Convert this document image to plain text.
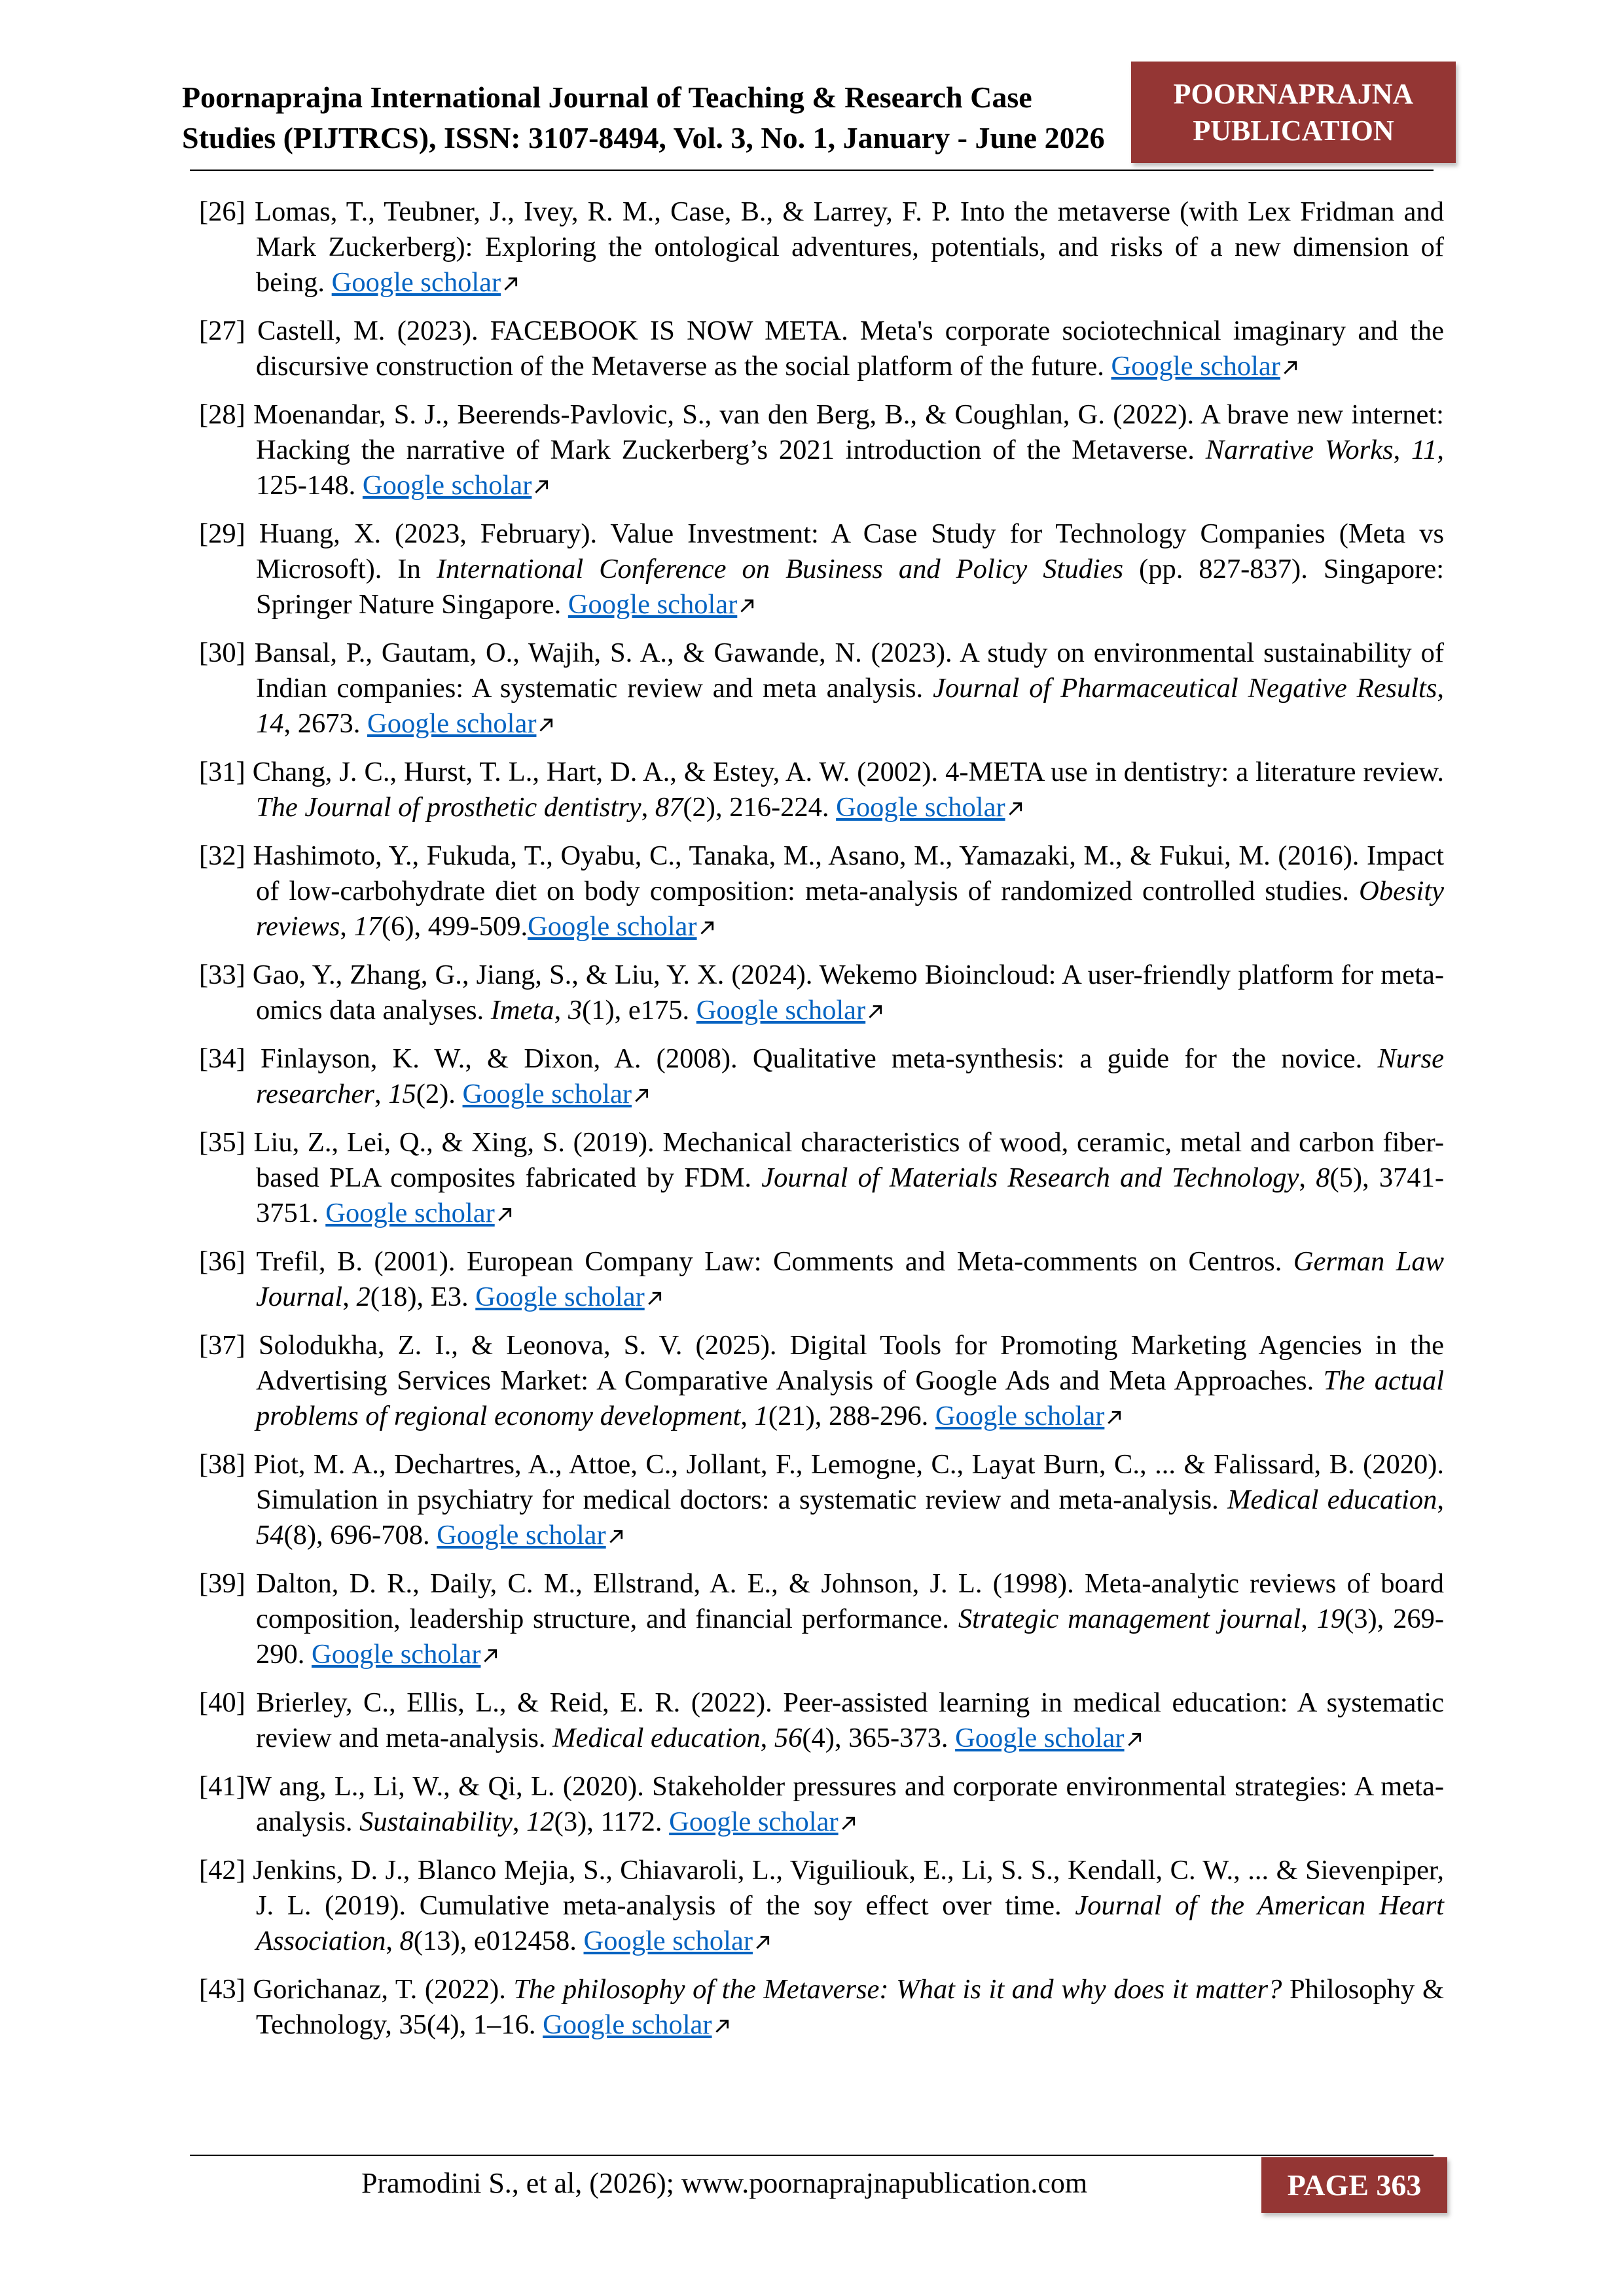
Poornaprajna International Journal of Teaching & Research Case
Studies (PIJTRCS), ISSN: 3107-8494, Vol. 3, No. 1, January - June 2026
POORNAPRAJNA
PUBLICATION

[26] Lomas, T., Teubner, J., Ivey, R. M., Case, B., & Larrey, F. P. Into the metaverse (with Lex Fridman and Mark Zuckerberg): Exploring the ontological adventures, potentials, and risks of a new dimension of being. Google scholar

[27] Castell, M. (2023). FACEBOOK IS NOW META. Meta's corporate sociotechnical imaginary and the discursive construction of the Metaverse as the social platform of the future. Google scholar

[28] Moenandar, S. J., Beerends-Pavlovic, S., van den Berg, B., & Coughlan, G. (2022). A brave new internet: Hacking the narrative of Mark Zuckerberg’s 2021 introduction of the Metaverse. Narrative Works, 11, 125-148. Google scholar

[29] Huang, X. (2023, February). Value Investment: A Case Study for Technology Companies (Meta vs Microsoft). In International Conference on Business and Policy Studies (pp. 827-837). Singapore: Springer Nature Singapore. Google scholar

[30] Bansal, P., Gautam, O., Wajih, S. A., & Gawande, N. (2023). A study on environmental sustainability of Indian companies: A systematic review and meta analysis. Journal of Pharmaceutical Negative Results, 14, 2673. Google scholar

[31] Chang, J. C., Hurst, T. L., Hart, D. A., & Estey, A. W. (2002). 4-META use in dentistry: a literature review. The Journal of prosthetic dentistry, 87(2), 216-224. Google scholar

[32] Hashimoto, Y., Fukuda, T., Oyabu, C., Tanaka, M., Asano, M., Yamazaki, M., & Fukui, M. (2016). Impact of low-carbohydrate diet on body composition: meta-analysis of randomized controlled studies. Obesity reviews, 17(6), 499-509.Google scholar

[33] Gao, Y., Zhang, G., Jiang, S., & Liu, Y. X. (2024). Wekemo Bioincloud: A user-friendly platform for meta-omics data analyses. Imeta, 3(1), e175. Google scholar

[34] Finlayson, K. W., & Dixon, A. (2008). Qualitative meta-synthesis: a guide for the novice. Nurse researcher, 15(2). Google scholar

[35] Liu, Z., Lei, Q., & Xing, S. (2019). Mechanical characteristics of wood, ceramic, metal and carbon fiber-based PLA composites fabricated by FDM. Journal of Materials Research and Technology, 8(5), 3741-3751. Google scholar

[36] Trefil, B. (2001). European Company Law: Comments and Meta-comments on Centros. German Law Journal, 2(18), E3. Google scholar

[37] Solodukha, Z. I., & Leonova, S. V. (2025). Digital Tools for Promoting Marketing Agencies in the Advertising Services Market: A Comparative Analysis of Google Ads and Meta Approaches. The actual problems of regional economy development, 1(21), 288-296. Google scholar

[38] Piot, M. A., Dechartres, A., Attoe, C., Jollant, F., Lemogne, C., Layat Burn, C., ... & Falissard, B. (2020). Simulation in psychiatry for medical doctors: a systematic review and meta-analysis. Medical education, 54(8), 696-708. Google scholar

[39] Dalton, D. R., Daily, C. M., Ellstrand, A. E., & Johnson, J. L. (1998). Meta-analytic reviews of board composition, leadership structure, and financial performance. Strategic management journal, 19(3), 269-290. Google scholar

[40] Brierley, C., Ellis, L., & Reid, E. R. (2022). Peer-assisted learning in medical education: A systematic review and meta-analysis. Medical education, 56(4), 365-373. Google scholar

[41]W ang, L., Li, W., & Qi, L. (2020). Stakeholder pressures and corporate environmental strategies: A meta-analysis. Sustainability, 12(3), 1172. Google scholar

[42] Jenkins, D. J., Blanco Mejia, S., Chiavaroli, L., Viguiliouk, E., Li, S. S., Kendall, C. W., ... & Sievenpiper, J. L. (2019). Cumulative meta-analysis of the soy effect over time. Journal of the American Heart Association, 8(13), e012458. Google scholar

[43] Gorichanaz, T. (2022). The philosophy of the Metaverse: What is it and why does it matter? Philosophy & Technology, 35(4), 1–16. Google scholar

Pramodini S., et al, (2026); www.poornaprajnapublication.com	PAGE 363
